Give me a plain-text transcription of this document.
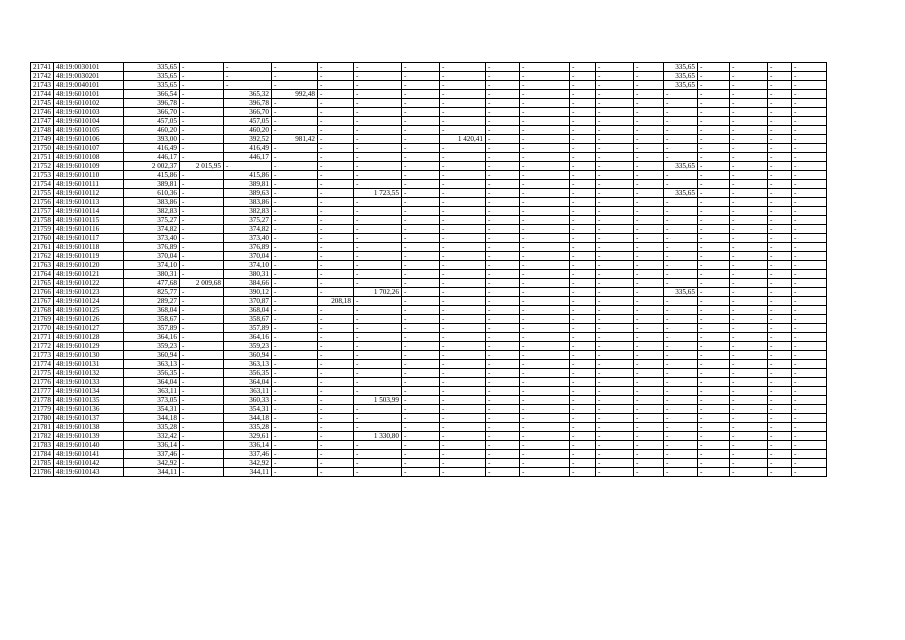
21741	48:19:0030101	335,65	-	-	-	-	-	-	-	-	-	-	-	-	335,65	-	-	-	-
21742	48:19:0030201	335,65	-	-	-	-	-	-	-	-	-	-	-	-	335,65	-	-	-	-
21743	48:19:0040101	335,65	-	-	-	-	-	-	-	-	-	-	-	-	335,65	-	-	-	-
21744	48:19:6010101	366,54	-	365,32	992,48	-	-	-	-	-	-	-	-	-	-	-	-	-	-
21745	48:19:6010102	396,78	-	396,78	-	-	-	-	-	-	-	-	-	-	-	-	-	-	-
21746	48:19:6010103	366,70	-	366,70	-	-	-	-	-	-	-	-	-	-	-	-	-	-	-
21747	48:19:6010104	457,05	-	457,05	-	-	-	-	-	-	-	-	-	-	-	-	-	-	-
21748	48:19:6010105	460,20	-	460,20	-	-	-	-	-	-	-	-	-	-	-	-	-	-	-
21749	48:19:6010106	393,00	-	392,52	981,42	-	-	-	1 420,41	-	-	-	-	-	-	-	-	-	-
21750	48:19:6010107	416,49	-	416,49	-	-	-	-	-	-	-	-	-	-	-	-	-	-	-
21751	48:19:6010108	446,17	-	446,17	-	-	-	-	-	-	-	-	-	-	-	-	-	-	-
21752	48:19:6010109	2 002,37	2 015,95	-	-	-	-	-	-	-	-	-	-	-	335,65	-	-	-	-
21753	48:19:6010110	415,86	-	415,86	-	-	-	-	-	-	-	-	-	-	-	-	-	-	-
21754	48:19:6010111	389,81	-	389,81	-	-	-	-	-	-	-	-	-	-	-	-	-	-	-
21755	48:19:6010112	610,36	-	389,63	-	-	1 723,55	-	-	-	-	-	-	-	335,65	-	-	-	-
21756	48:19:6010113	383,86	-	383,86	-	-	-	-	-	-	-	-	-	-	-	-	-	-	-
21757	48:19:6010114	382,83	-	382,83	-	-	-	-	-	-	-	-	-	-	-	-	-	-	-
21758	48:19:6010115	375,27	-	375,27	-	-	-	-	-	-	-	-	-	-	-	-	-	-	-
21759	48:19:6010116	374,82	-	374,82	-	-	-	-	-	-	-	-	-	-	-	-	-	-	-
21760	48:19:6010117	373,40	-	373,40	-	-	-	-	-	-	-	-	-	-	-	-	-	-	-
21761	48:19:6010118	376,89	-	376,89	-	-	-	-	-	-	-	-	-	-	-	-	-	-	-
21762	48:19:6010119	370,04	-	370,04	-	-	-	-	-	-	-	-	-	-	-	-	-	-	-
21763	48:19:6010120	374,10	-	374,10	-	-	-	-	-	-	-	-	-	-	-	-	-	-	-
21764	48:19:6010121	380,31	-	380,31	-	-	-	-	-	-	-	-	-	-	-	-	-	-	-
21765	48:19:6010122	477,68	2 009,68	384,66	-	-	-	-	-	-	-	-	-	-	-	-	-	-	-
21766	48:19:6010123	825,77	-	390,12	-	-	1 702,26	-	-	-	-	-	-	-	335,65	-	-	-	-
21767	48:19:6010124	289,27	-	370,87	-	208,18	-	-	-	-	-	-	-	-	-	-	-	-	-
21768	48:19:6010125	368,04	-	368,04	-	-	-	-	-	-	-	-	-	-	-	-	-	-	-
21769	48:19:6010126	358,67	-	358,67	-	-	-	-	-	-	-	-	-	-	-	-	-	-	-
21770	48:19:6010127	357,89	-	357,89	-	-	-	-	-	-	-	-	-	-	-	-	-	-	-
21771	48:19:6010128	364,16	-	364,16	-	-	-	-	-	-	-	-	-	-	-	-	-	-	-
21772	48:19:6010129	359,23	-	359,23	-	-	-	-	-	-	-	-	-	-	-	-	-	-	-
21773	48:19:6010130	360,94	-	360,94	-	-	-	-	-	-	-	-	-	-	-	-	-	-	-
21774	48:19:6010131	363,13	-	363,13	-	-	-	-	-	-	-	-	-	-	-	-	-	-	-
21775	48:19:6010132	356,35	-	356,35	-	-	-	-	-	-	-	-	-	-	-	-	-	-	-
21776	48:19:6010133	364,04	-	364,04	-	-	-	-	-	-	-	-	-	-	-	-	-	-	-
21777	48:19:6010134	363,11	-	363,11	-	-	-	-	-	-	-	-	-	-	-	-	-	-	-
21778	48:19:6010135	373,05	-	360,33	-	-	1 503,99	-	-	-	-	-	-	-	-	-	-	-	-
21779	48:19:6010136	354,31	-	354,31	-	-	-	-	-	-	-	-	-	-	-	-	-	-	-
21780	48:19:6010137	344,18	-	344,18	-	-	-	-	-	-	-	-	-	-	-	-	-	-	-
21781	48:19:6010138	335,28	-	335,28	-	-	-	-	-	-	-	-	-	-	-	-	-	-	-
21782	48:19:6010139	332,42	-	329,61	-	-	1 330,80	-	-	-	-	-	-	-	-	-	-	-	-
21783	48:19:6010140	336,14	-	336,14	-	-	-	-	-	-	-	-	-	-	-	-	-	-	-
21784	48:19:6010141	337,46	-	337,46	-	-	-	-	-	-	-	-	-	-	-	-	-	-	-
21785	48:19:6010142	342,92	-	342,92	-	-	-	-	-	-	-	-	-	-	-	-	-	-	-
21786	48:19:6010143	344,11	-	344,11	-	-	-	-	-	-	-	-	-	-	-	-	-	-	-
